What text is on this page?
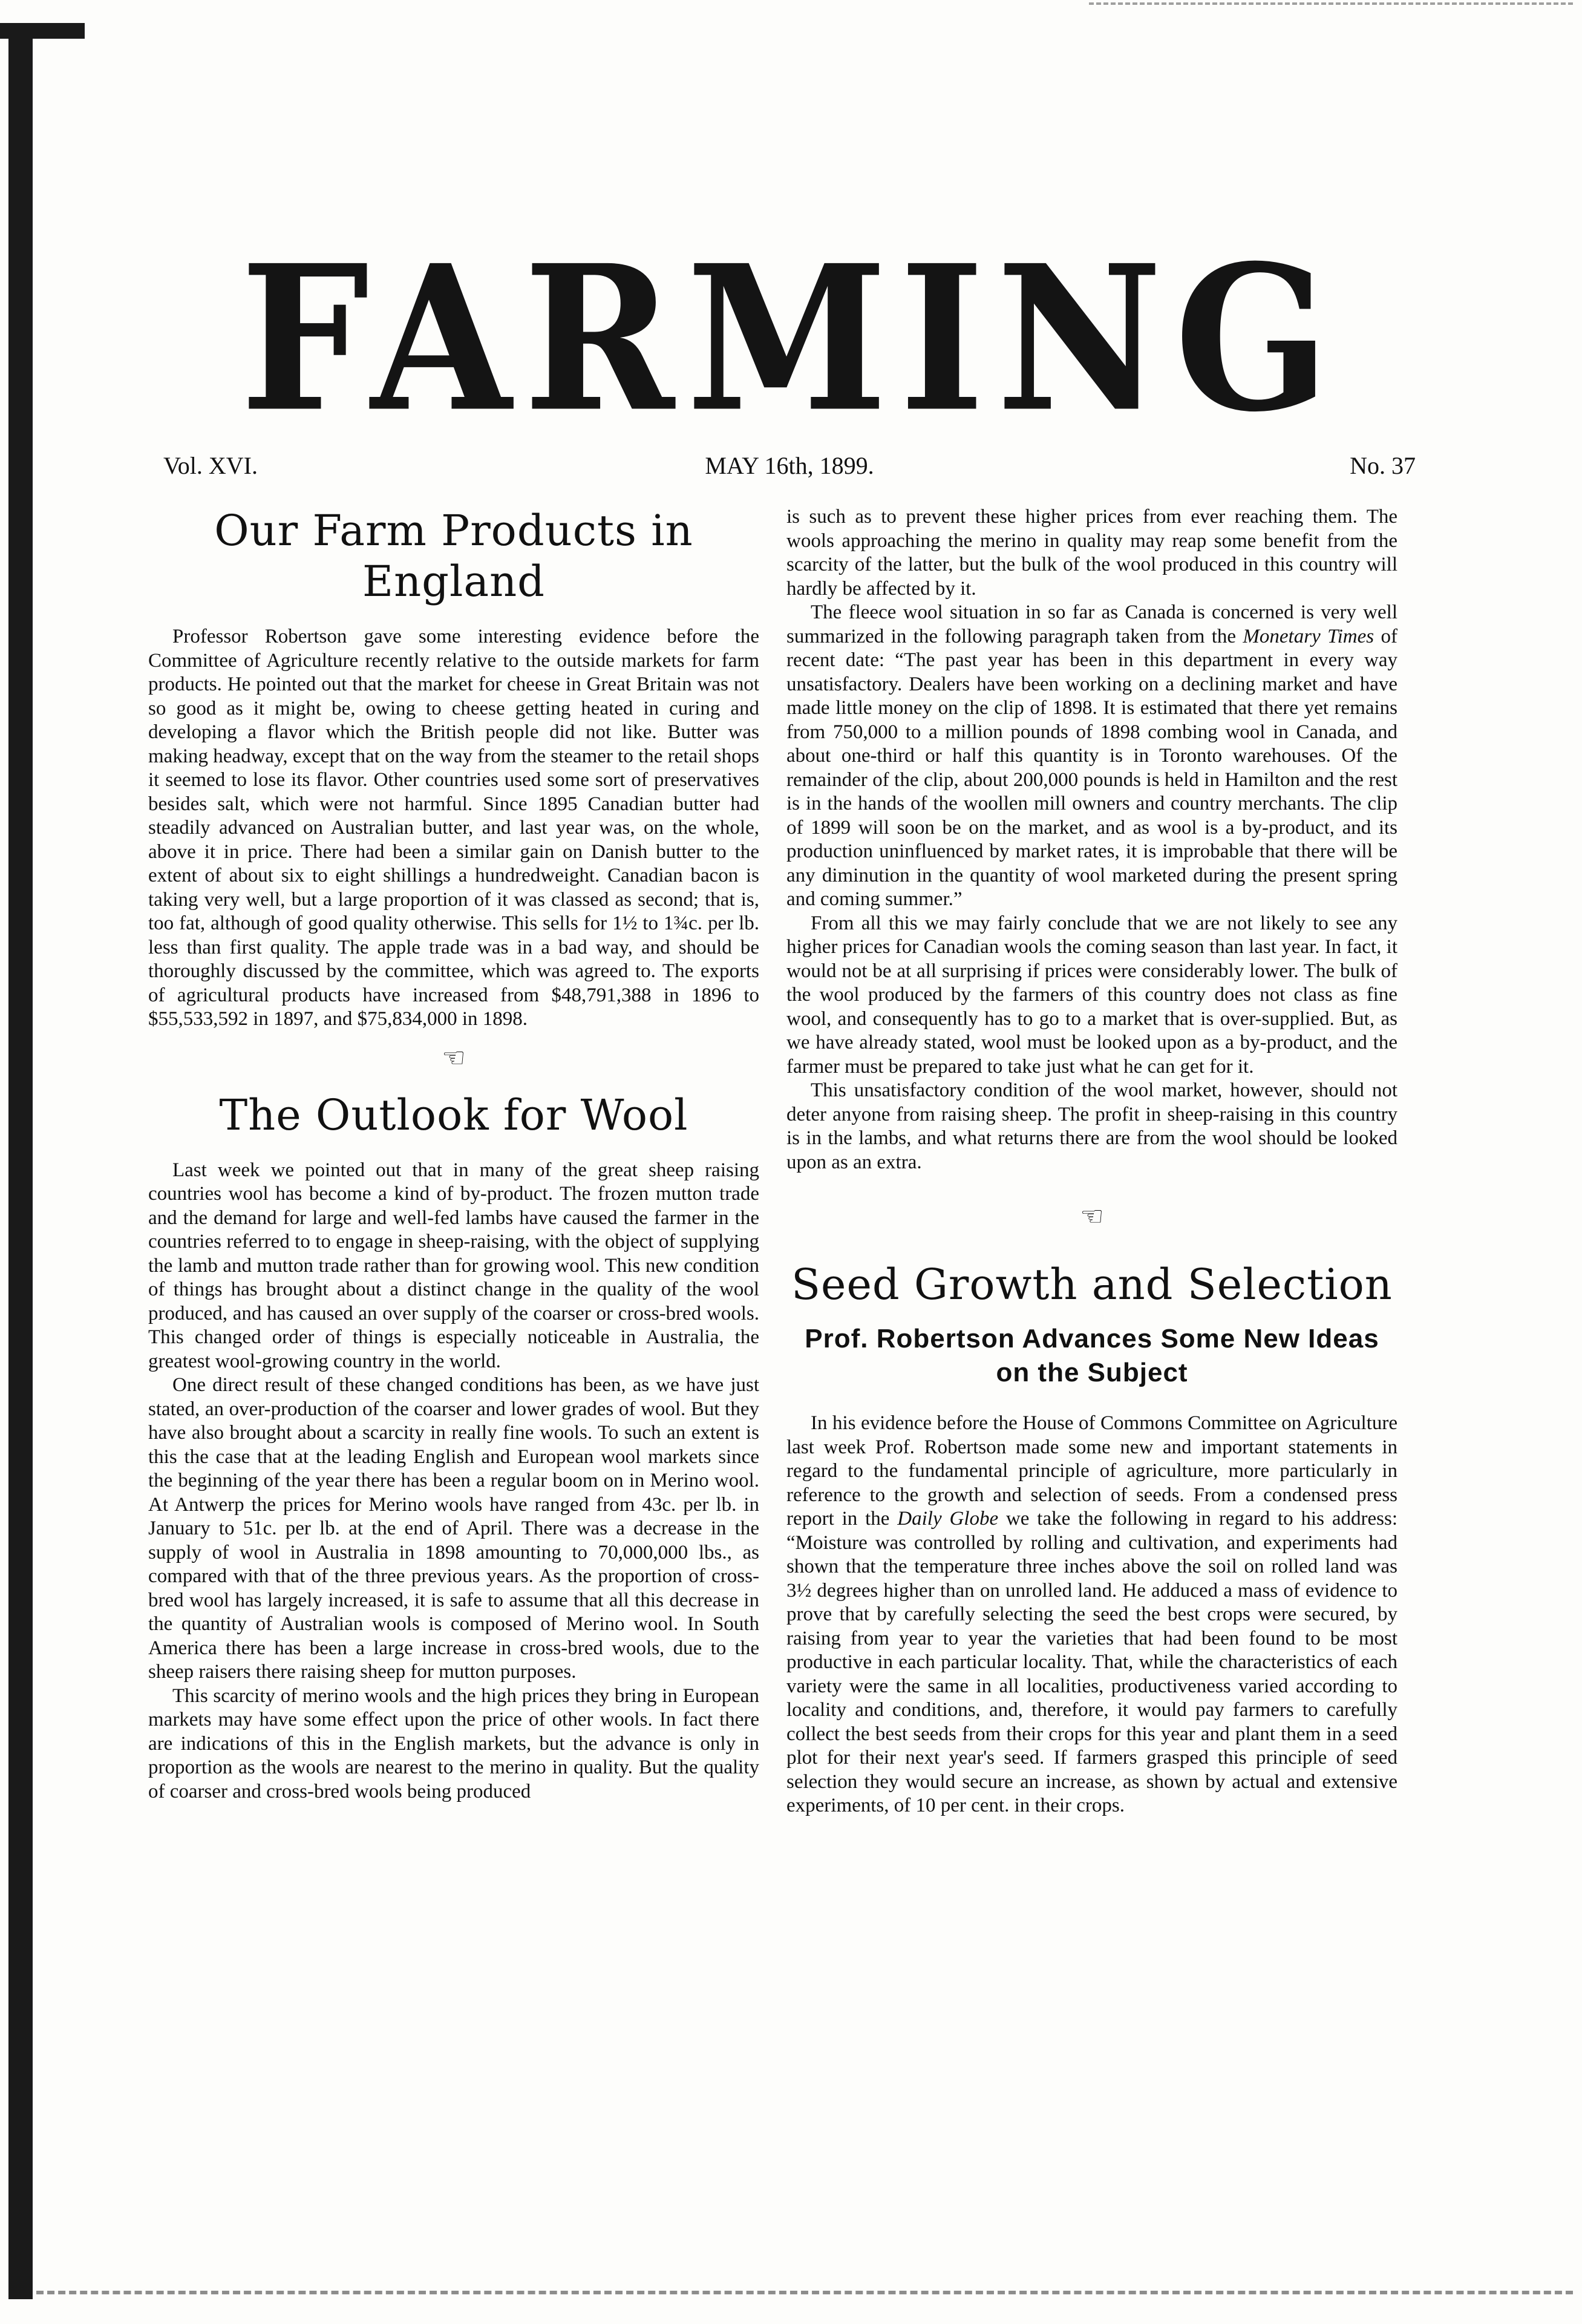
FARMING
MAY 16th, 1899.
Vol. XVI.	No. 37
Our Farm Products in England

Professor Robertson gave some interesting evidence before the Committee of Agriculture recently relative to the outside markets for farm products. He pointed out that the market for cheese in Great Britain was not so good as it might be, owing to cheese getting heated in curing and developing a flavor which the British people did not like. Butter was making headway, except that on the way from the steamer to the retail shops it seemed to lose its flavor. Other countries used some sort of preservatives besides salt, which were not harmful. Since 1895 Canadian butter had steadily advanced on Australian butter, and last year was, on the whole, above it in price. There had been a similar gain on Danish butter to the extent of about six to eight shillings a hundredweight. Canadian bacon is taking very well, but a large proportion of it was classed as second; that is, too fat, although of good quality otherwise. This sells for 1½ to 1¾c. per lb. less than first quality. The apple trade was in a bad way, and should be thoroughly discussed by the committee, which was agreed to. The exports of agricultural products have increased from $48,791,388 in 1896 to $55,533,592 in 1897, and $75,834,000 in 1898.

☜
The Outlook for Wool

Last week we pointed out that in many of the great sheep raising countries wool has become a kind of by-product. The frozen mutton trade and the demand for large and well-fed lambs have caused the farmer in the countries referred to to engage in sheep-raising, with the object of supplying the lamb and mutton trade rather than for growing wool. This new condition of things has brought about a distinct change in the quality of the wool produced, and has caused an over supply of the coarser or cross-bred wools. This changed order of things is especially noticeable in Australia, the greatest wool-growing country in the world.

One direct result of these changed conditions has been, as we have just stated, an over-production of the coarser and lower grades of wool. But they have also brought about a scarcity in really fine wools. To such an extent is this the case that at the leading English and European wool markets since the beginning of the year there has been a regular boom on in Merino wool. At Antwerp the prices for Merino wools have ranged from 43c. per lb. in January to 51c. per lb. at the end of April. There was a decrease in the supply of wool in Australia in 1898 amounting to 70,000,000 lbs., as compared with that of the three previous years. As the proportion of cross-bred wool has largely increased, it is safe to assume that all this decrease in the quantity of Australian wools is composed of Merino wool. In South America there has been a large increase in cross-bred wools, due to the sheep raisers there raising sheep for mutton purposes.

This scarcity of merino wools and the high prices they bring in European markets may have some effect upon the price of other wools. In fact there are indications of this in the English markets, but the advance is only in proportion as the wools are nearest to the merino in quality. But the quality of coarser and cross-bred wools being produced

is such as to prevent these higher prices from ever reaching them. The wools approaching the merino in quality may reap some benefit from the scarcity of the latter, but the bulk of the wool produced in this country will hardly be affected by it.

The fleece wool situation in so far as Canada is concerned is very well summarized in the following paragraph taken from the Monetary Times of recent date: “The past year has been in this department in every way unsatisfactory. Dealers have been working on a declining market and have made little money on the clip of 1898. It is estimated that there yet remains from 750,000 to a million pounds of 1898 combing wool in Canada, and about one-third or half this quantity is in Toronto warehouses. Of the remainder of the clip, about 200,000 pounds is held in Hamilton and the rest is in the hands of the woollen mill owners and country merchants. The clip of 1899 will soon be on the market, and as wool is a by-product, and its production uninfluenced by market rates, it is improbable that there will be any diminution in the quantity of wool marketed during the present spring and coming summer.”

From all this we may fairly conclude that we are not likely to see any higher prices for Canadian wools the coming season than last year. In fact, it would not be at all surprising if prices were considerably lower. The bulk of the wool produced by the farmers of this country does not class as fine wool, and consequently has to go to a market that is over-supplied. But, as we have already stated, wool must be looked upon as a by-product, and the farmer must be prepared to take just what he can get for it.

This unsatisfactory condition of the wool market, however, should not deter anyone from raising sheep. The profit in sheep-raising in this country is in the lambs, and what returns there are from the wool should be looked upon as an extra.

☜
Seed Growth and Selection
Prof. Robertson Advances Some New Ideas on the Subject

In his evidence before the House of Commons Committee on Agriculture last week Prof. Robertson made some new and important statements in regard to the fundamental principle of agriculture, more particularly in reference to the growth and selection of seeds. From a condensed press report in the Daily Globe we take the following in regard to his address: “Moisture was controlled by rolling and cultivation, and experiments had shown that the temperature three inches above the soil on rolled land was 3½ degrees higher than on unrolled land. He adduced a mass of evidence to prove that by carefully selecting the seed the best crops were secured, by raising from year to year the varieties that had been found to be most productive in each particular locality. That, while the characteristics of each variety were the same in all localities, productiveness varied according to locality and conditions, and, therefore, it would pay farmers to carefully collect the best seeds from their crops for this year and plant them in a seed plot for their next year's seed. If farmers grasped this principle of seed selection they would secure an increase, as shown by actual and extensive experiments, of 10 per cent. in their crops.
